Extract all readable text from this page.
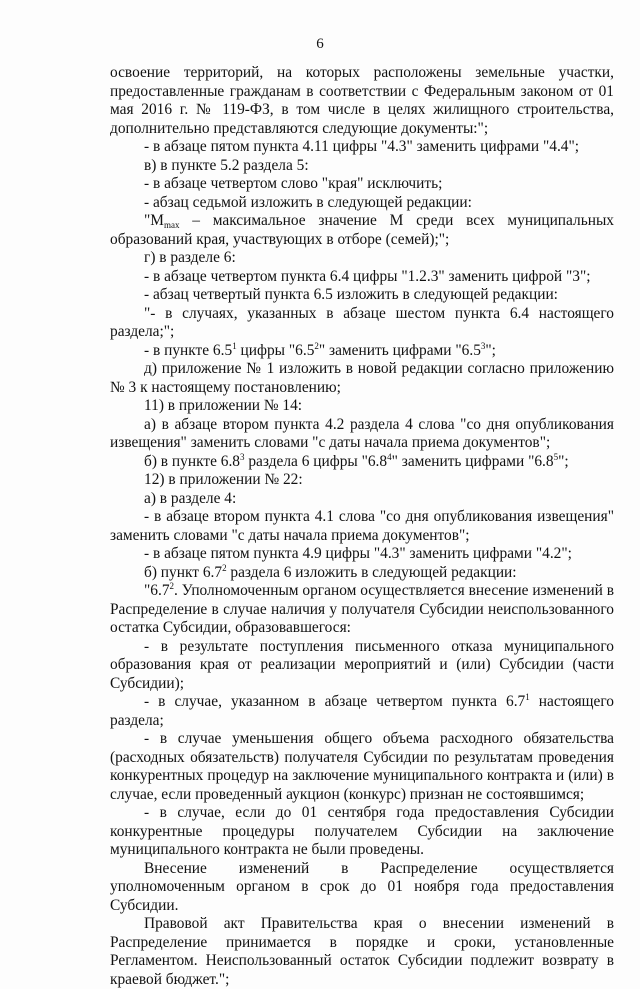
6

освоение территорий, на которых расположены земельные участки, предоставленные гражданам в соответствии с Федеральным законом от 01 мая 2016 г. № 119-ФЗ, в том числе в целях жилищного строительства, дополнительно представляются следующие документы:";

- в абзаце пятом пункта 4.11 цифры "4.3" заменить цифрами "4.4";

в) в пункте 5.2 раздела 5:

- в абзаце четвертом слово "края" исключить;

- абзац седьмой изложить в следующей редакции:

"$M_{max}$ – максимальное значение М среди всех муниципальных образований края, участвующих в отборе (семей);";

г) в разделе 6:

- в абзаце четвертом пункта 6.4 цифры "1.2.3" заменить цифрой "3";

- абзац четвертый пункта 6.5 изложить в следующей редакции:

"- в случаях, указанных в абзаце шестом пункта 6.4 настоящего раздела;";

- в пункте $6.5^1$ цифры "$6.5^2$" заменить цифрами "$6.5^3$";

д) приложение № 1 изложить в новой редакции согласно приложению № 3 к настоящему постановлению;

11) в приложении № 14:

а) в абзаце втором пункта 4.2 раздела 4 слова "со дня опубликования извещения" заменить словами "с даты начала приема документов";

б) в пункте $6.8^3$ раздела 6 цифры "$6.8^4$" заменить цифрами "$6.8^5$";

12) в приложении № 22:

а) в разделе 4:

- в абзаце втором пункта 4.1 слова "со дня опубликования извещения" заменить словами "с даты начала приема документов";

- в абзаце пятом пункта 4.9 цифры "4.3" заменить цифрами "4.2";

б) пункт $6.7^2$ раздела 6 изложить в следующей редакции:

"$6.7^2$. Уполномоченным органом осуществляется внесение изменений в Распределение в случае наличия у получателя Субсидии неиспользованного остатка Субсидии, образовавшегося:

- в результате поступления письменного отказа муниципального образования края от реализации мероприятий и (или) Субсидии (части Субсидии);

- в случае, указанном в абзаце четвертом пункта $6.7^1$ настоящего раздела;

- в случае уменьшения общего объема расходного обязательства (расходных обязательств) получателя Субсидии по результатам проведения конкурентных процедур на заключение муниципального контракта и (или) в случае, если проведенный аукцион (конкурс) признан не состоявшимся;

- в случае, если до 01 сентября года предоставления Субсидии конкурентные процедуры получателем Субсидии на заключение муниципального контракта не были проведены.

Внесение изменений в Распределение осуществляется уполномоченным органом в срок до 01 ноября года предоставления Субсидии.

Правовой акт Правительства края о внесении изменений в Распределение принимается в порядке и сроки, установленные Регламентом. Неиспользованный остаток Субсидии подлежит возврату в краевой бюджет.";
